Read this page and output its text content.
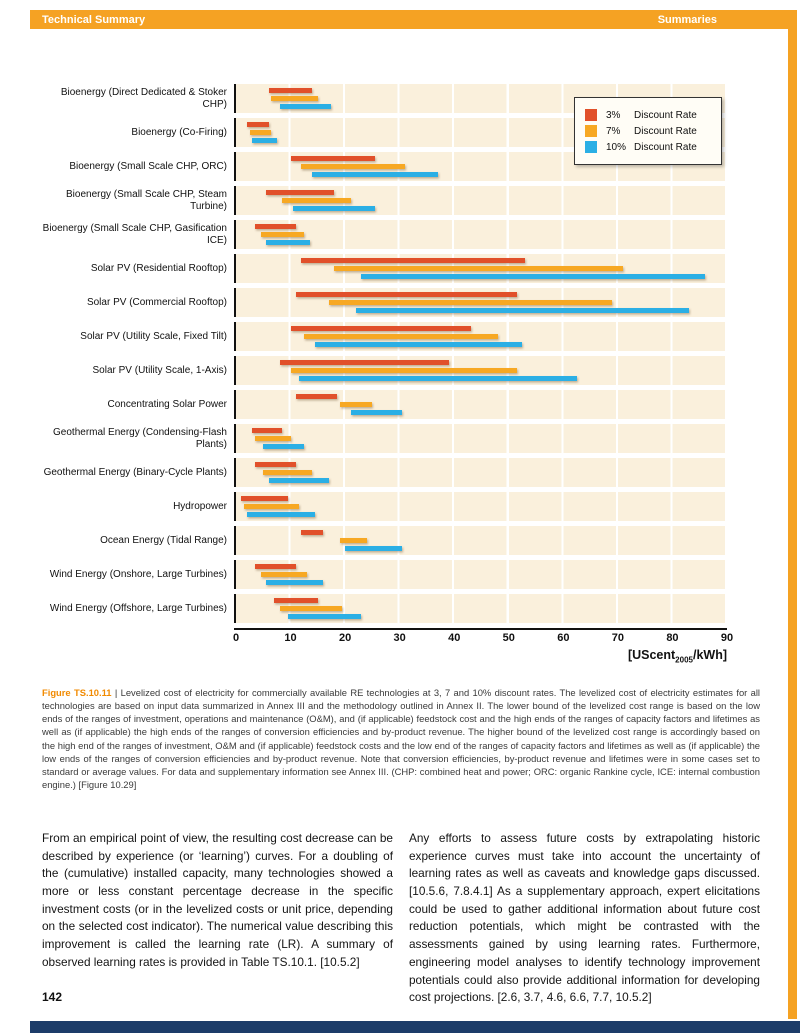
Technical Summary	Summaries
Bioenergy (Direct Dedicated & Stoker CHP)
Bioenergy (Co-Firing)
Bioenergy (Small Scale CHP, ORC)
Bioenergy (Small Scale CHP, Steam Turbine)
Bioenergy (Small Scale CHP, Gasification ICE)
Solar PV (Residential Rooftop)
Solar PV (Commercial Rooftop)
Solar PV (Utility Scale, Fixed Tilt)
Solar PV (Utility Scale, 1-Axis)
Concentrating Solar Power
Geothermal Energy (Condensing-Flash Plants)
Geothermal Energy (Binary-Cycle Plants)
Hydropower
Ocean Energy (Tidal Range)
Wind Energy (Onshore, Large Turbines)
Wind Energy (Offshore, Large Turbines)
0	10	20	30	40	50	60	70	80	90
[UScent$_{2005}$/kWh]
3%	Discount Rate
7%	Discount Rate
10% Discount Rate

Figure TS.10.11 | Levelized cost of electricity for commercially available RE technologies at 3, 7 and 10% discount rates. The levelized cost of electricity estimates for all technologies are based on input data summarized in Annex III and the methodology outlined in Annex II. The lower bound of the levelized cost range is based on the low ends of the ranges of investment, operations and maintenance (O&M), and (if applicable) feedstock cost and the high ends of the ranges of capacity factors and lifetimes as well as (if applicable) the high ends of the ranges of conversion efficiencies and by-product revenue. The higher bound of the levelized cost range is accordingly based on the high end of the ranges of investment, O&M and (if applicable) feedstock costs and the low end of the ranges of capacity factors and lifetimes as well as (if applicable) the low ends of the ranges of conversion efficiencies and by-product revenue. Note that conversion efficiencies, by-product revenue and lifetimes were in some cases set to standard or average values. For data and supplementary information see Annex III. (CHP: combined heat and power; ORC: organic Rankine cycle, ICE: internal combustion engine.) [Figure 10.29]

From an empirical point of view, the resulting cost decrease can be described by experience (or ‘learning’) curves. For a doubling of the (cumulative) installed capacity, many technologies showed a more or less constant percentage decrease in the specific investment costs (or in the levelized costs or unit price, depending on the selected cost indicator). The numerical value describing this improvement is called the learning rate (LR). A summary of observed learning rates is provided in Table TS.10.1. [10.5.2]

Any efforts to assess future costs by extrapolating historic experience curves must take into account the uncertainty of learning rates as well as caveats and knowledge gaps discussed. [10.5.6, 7.8.4.1] As a supplementary approach, expert elicitations could be used to gather additional information about future cost reduction potentials, which might be contrasted with the assessments gained by using learning rates. Furthermore, engineering model analyses to identify technology improvement potentials could also provide additional information for developing cost projections. [2.6, 3.7, 4.6, 6.6, 7.7, 10.5.2]

142
